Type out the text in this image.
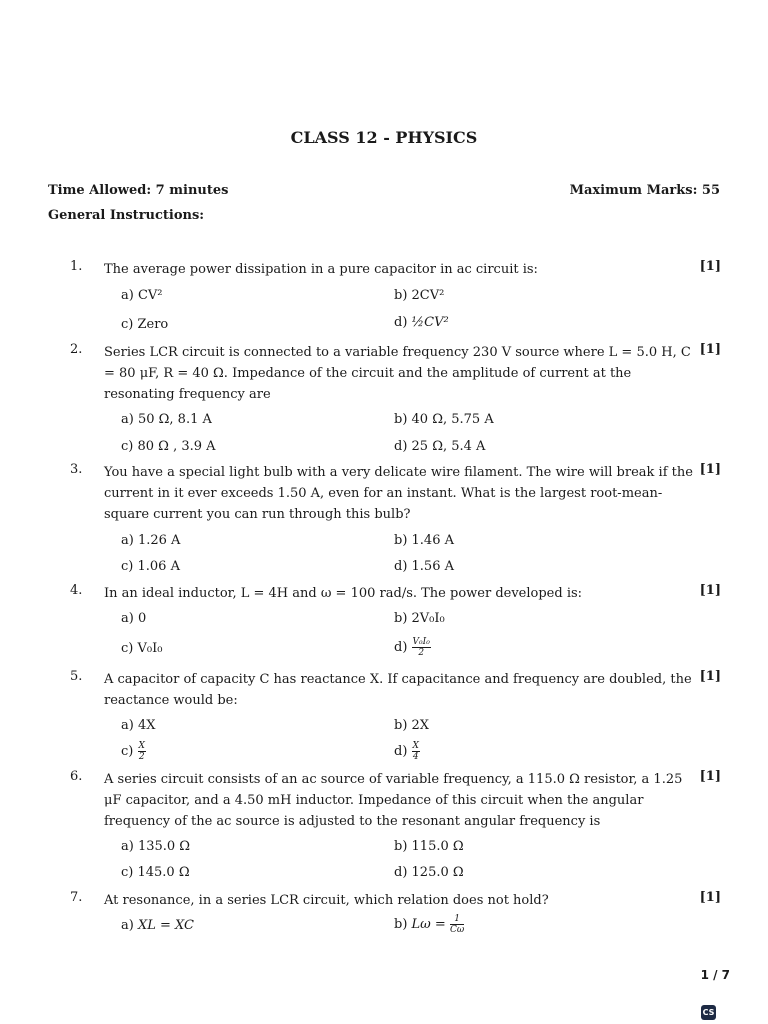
CLASS 12 - PHYSICS
Time Allowed: 7 minutes	Maximum Marks: 55
General Instructions:
1. The average power dissipation in a pure capacitor in ac circuit is:	[1]
a) CV²	b) 2CV²
c) Zero	d) ½CV²
2. Series LCR circuit is connected to a variable frequency 230 V source where L = 5.0 H, C = 80 μF, R = 40 Ω. Impedance of the circuit and the amplitude of current at the resonating frequency are
[1]
a) 50 Ω, 8.1 A	b) 40 Ω, 5.75 A
c) 80 Ω , 3.9 A	d) 25 Ω, 5.4 A
3. You have a special light bulb with a very delicate wire filament. The wire will break if the current in it ever exceeds 1.50 A, even for an instant. What is the largest root-mean-square current you can run through this bulb?
[1]
a) 1.26 A	b) 1.46 A
c) 1.06 A	d) 1.56 A
4. In an ideal inductor, L = 4H and ω = 100 rad/s. The power developed is:	[1]
a) 0	b) 2V₀I₀
c) V₀I₀	$d) \frac{\text{V₀I₀}}{2}$
5. A capacitor of capacity C has reactance X. If capacitance and frequency are doubled, the reactance would be:
[1]
a) 4X	b) 2X
$c) \frac{X}{2}$	$d) \frac{X}{4}$
6. A series circuit consists of an ac source of variable frequency, a 115.0 Ω resistor, a 1.25 μF capacitor, and a 4.50 mH inductor. Impedance of this circuit when the angular frequency of the ac source is adjusted to the resonant angular frequency is
[1]
a) 135.0 Ω	b) 115.0 Ω
c) 145.0 Ω	d) 125.0 Ω
7. At resonance, in a series LCR circuit, which relation does not hold?	[1]
a) XL = XC	b) $L\omega = \frac{1}{C\omega}$
1 / 7
CS
